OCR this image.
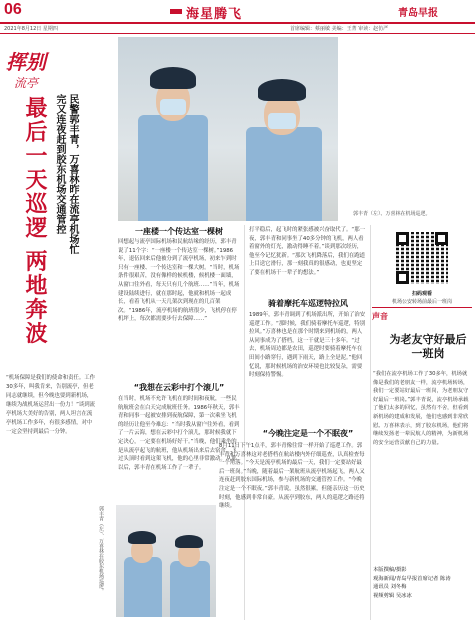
06	海星腾飞	青岛早报
2021年8月12日 星期四	首席编辑：蔡丽敏 美编：王菁 审读：赵仿严
挥别
流亭
最后一天巡逻 两地奔波	民警郭丰青，万喜林昨在流亭机场忙完又连夜赶到胶东机场交通管控
“机场保障是我们的使命和责任。工作30多年，叫我肯来，告别流亭，但老同志就继续，但今晚也要到新机场，继续为战机场运营出一份力！”谈到流亭机场大美好的告别，两人坦言在流亭机场工作多年，有很多感情，对中一定会坚持到最后一分钟。
郭丰青（左）、万喜林在机场巡逻。
郭丰青（左）、万喜林在胶东机场巡逻。
一座楼一个传达室一棵树
回想起与流亭国际机场和民航结缘的经历，郭丰青说了11个字：“一座楼一个传达室一棵树。”1986年，退伍回来后他被分到了流亭机场，初来乍到时只有一座楼、一个传达室和一棵大树。“当时，机场条件很艰苦，没有像样的候机楼，候机楼一面墙，从窗口往外看，每天只有几个航班……”当年，机场建设陆续进行，就在那时起，他就和机场一起成长，看着飞机从一天几架次到现在的几百架次。“1986年，流亭机场的航班很少，飞机停在停机坪上，每次都需要步行去保障……”
“我想在云彩中打个滚儿”
在当时，机场不允许飞机在的时间和夜航，一些民航航班会在白天完成航班任务。1986年秋天，郭丰青和同事一起被安排到夜航保障，第一次乘坐飞机的经历让他至今难忘：“当时我从窗户往外看，看到了一片云海，想在云彩中打个滚儿，那时候我就下定决心，一定要在机场好好干。”当晚，他们乘坐的是从流亭起飞的航班，他从机场出来后去宿舍，飞过头顶时看到这架飞机，他的心里非常激动。从那以后，郭丰青在机场工作了一辈子。
打平稳后，起飞时的紧张感被兴奋取代了。“那一夜，郭丰青和同事坐了40多分钟的飞机，两人看着窗外的灯光，激动得睡不着。”谈到那次经历，他至今记忆犹新。“那次飞机降落后，我们在跑道上目送它滑行，那一刻我真的很感动，也更坚定了要在机场干一辈子的想法。”
骑着摩托车巡逻特拉风
1989年，郭丰青调到了机场派出所，开始了治安巡逻工作。“那时候，我们骑着摩托车巡逻，特别拉风。”万喜林也是在那个时期来到机场的，两人从同事成为了搭档，这一干就是三十多年。“过去，机场周边都是农田，巡逻时要骑着摩托车在田间小路穿行，遇到下雨天，路上全是泥。”他回忆说，那时候机场的治安环境也比较复杂，需要时刻保持警惕。
“今晚注定是一个不眠夜”
8月11日下午1点半，郭丰青像往常一样开始了巡逻工作。郭丰青和万喜林这对老搭档在航站楼内外仔细巡查，认真检查每一个角落。“今天是流亭机场的最后一天，我们一定要站好最后一班岗。”当晚，随着最后一架航班从流亭机场起飞，两人又连夜赶到胶东国际机场，参与新机场的交通管控工作。“今晚注定是一个不眠夜。”郭丰青说，虽然很累，但能亲历这一历史时刻，他感到非常自豪。从流亭到胶东，两人的巡逻之路还将继续。
扫码观看
机场公安转场前最后一班岗
声音
为老友守好最后一班岗
“我们在流亭机场工作了30多年，机场就像是我们的老朋友一样，流亭机场转场，我们一定要站好最后一班岗，为老朋友守好最后一班岗。”郭丰青说，流亭机场承载了他们太多的回忆，虽然有不舍，但看到新机场的建成和发展，他们也感到非常欣慰。万喜林表示，到了胶东机场，他们将继续发扬老一辈民航人的精神，为新机场的安全运营贡献自己的力量。
本版撰稿/摄影
观海新闻/青岛早报首席记者 陈涛
通讯员 刘冬梅
视频剪辑 吴冰冰
